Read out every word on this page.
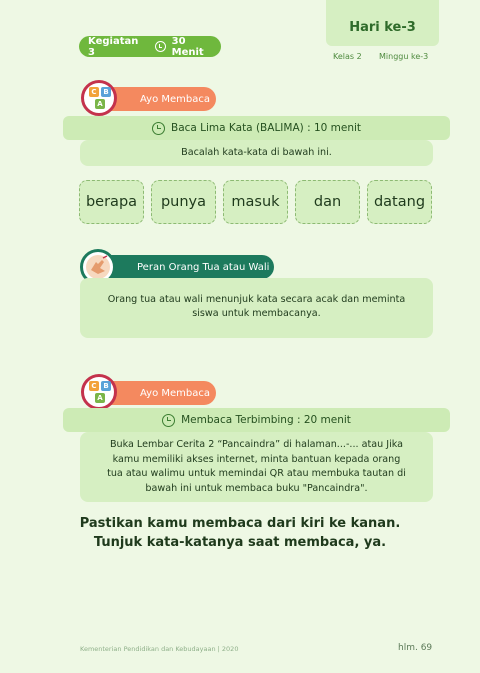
Hari ke-3
Kelas 2 Minggu ke-3
Kegiatan 3
30 Menit
Ayo Membaca
C B
A
Baca Lima Kata (BALIMA) : 10 menit
Bacalah kata-kata di bawah ini.
berapa punya masuk dan datang
Peran Orang Tua atau Wali
Orang tua atau wali menunjuk kata secara acak dan meminta
siswa untuk membacanya.
Ayo Membaca
C B
A
Membaca Terbimbing : 20 menit
Buka Lembar Cerita 2 “Pancaindra” di halaman...-... atau Jika
kamu memiliki akses internet, minta bantuan kepada orang
tua atau walimu untuk memindai QR atau membuka tautan di
bawah ini untuk membaca buku "Pancaindra".
Pastikan kamu membaca dari kiri ke kanan.
Tunjuk kata-katanya saat membaca, ya.
Kementerian Pendidikan dan Kebudayaan | 2020	hlm. 69
